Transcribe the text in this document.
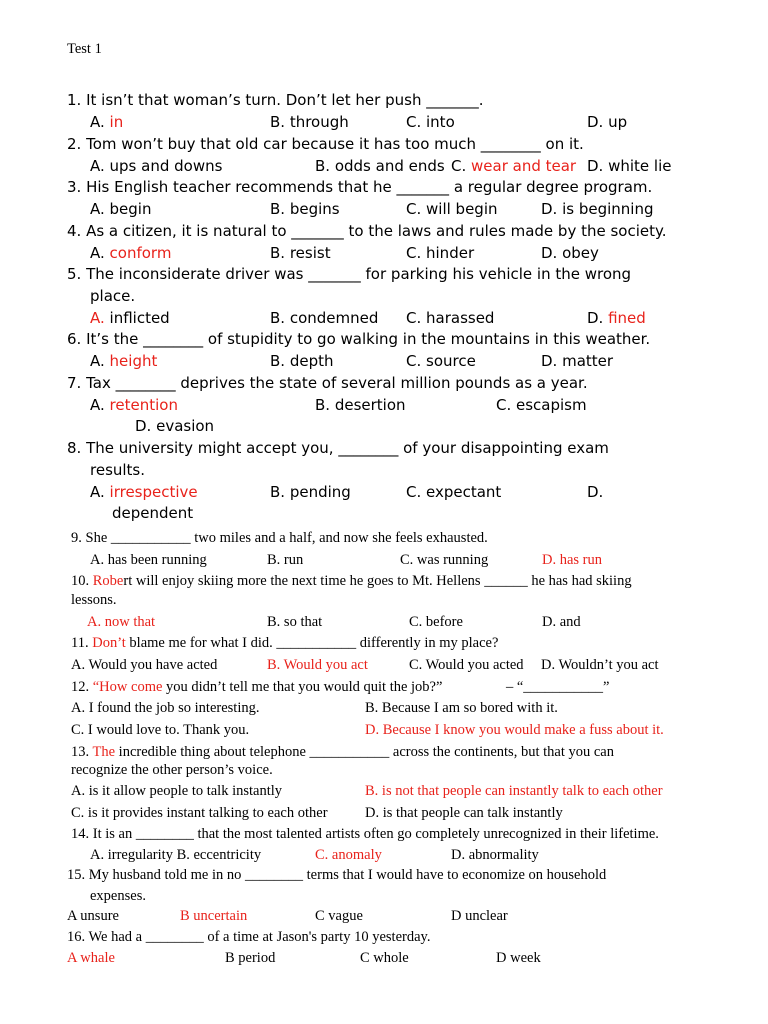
Test 1
1. It isn’t that woman’s turn. Don’t let her push _______.
A. in	B. through	C. into	D. up
2. Tom won’t buy that old car because it has too much ________ on it.
A. ups and downs	B. odds and ends C. wear and tear D. white lie
3. His English teacher recommends that he _______ a regular degree program.
A. begin	B. begins	C. will begin	D. is beginning
4. As a citizen, it is natural to _______ to the laws and rules made by the society.
A. conform	B. resist	C. hinder	D. obey
5. The inconsiderate driver was _______ for parking his vehicle in the wrong
place.
A. inflicted	B. condemned C. harassed	D. fined
6. It’s the ________ of stupidity to go walking in the mountains in this weather.
A. height	B. depth	C. source	D. matter
7. Tax ________ deprives the state of several million pounds as a year.
A. retention	B. desertion	C. escapism
D. evasion
8. The university might accept you, ________ of your disappointing exam
results.
A. irrespective	B. pending	C. expectant	D.
dependent
9. She ___________ two miles and a half, and now she feels exhausted.
A. has been running	B. run	C. was running	D. has run
10. Robert will enjoy skiing more the next time he goes to Mt. Hellens ______ he has had skiing
lessons.
A. now that	B. so that	C. before	D. and
11. Don’t blame me for what I did. ___________ differently in my place?
A. Would you have acted	B. Would you act	C. Would you acted D. Wouldn’t you act
12. “How come you didn’t tell me that you would quit the job?”	– “___________”
A. I found the job so interesting.	B. Because I am so bored with it.
C. I would love to. Thank you.	D. Because I know you would make a fuss about it.
13. The incredible thing about telephone ___________ across the continents, but that you can
recognize the other person’s voice.
A. is it allow people to talk instantly	B. is not that people can instantly talk to each other
C. is it provides instant talking to each other	D. is that people can talk instantly
14. It is an ________ that the most talented artists often go completely unrecognized in their lifetime.
A. irregularity B. eccentricity	C. anomaly	D. abnormality
15. My husband told me in no ________ terms that I would have to economize on household
expenses.
A unsure	B uncertain	C vague	D unclear
16. We had a ________ of a time at Jason's party 10 yesterday.
A whale	B period	C whole	D week
